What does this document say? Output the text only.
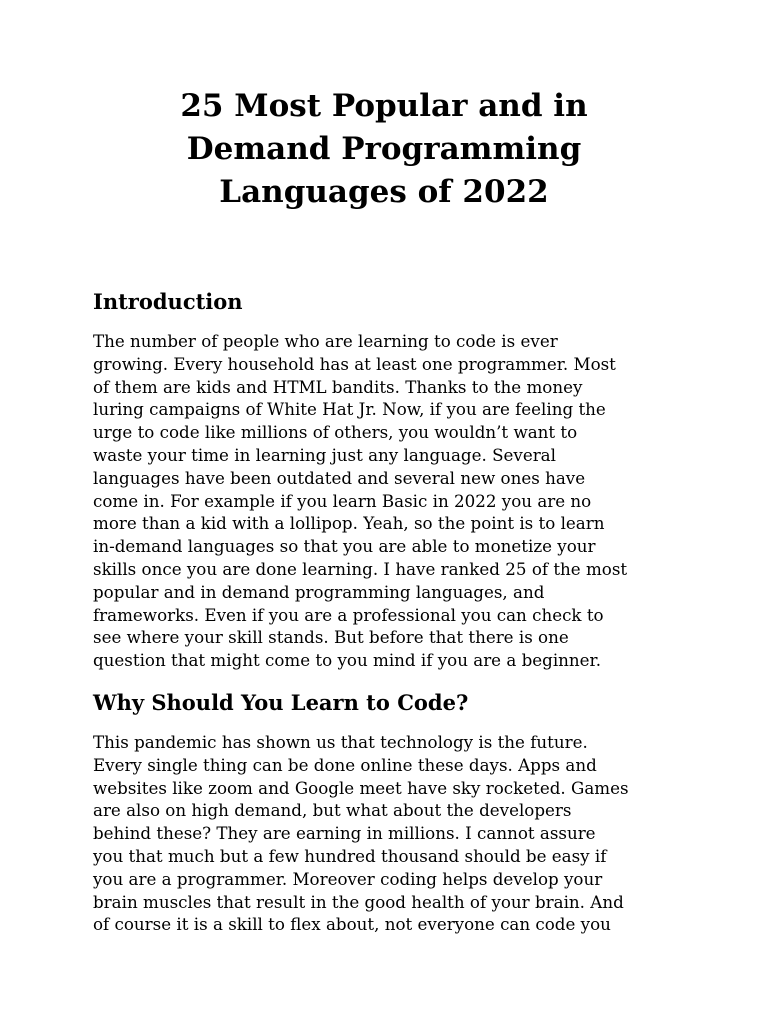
25 Most Popular and in
Demand Programming
Languages of 2022
Introduction

The number of people who are learning to code is ever
growing. Every household has at least one programmer. Most
of them are kids and HTML bandits. Thanks to the money
luring campaigns of White Hat Jr. Now, if you are feeling the
urge to code like millions of others, you wouldn’t want to
waste your time in learning just any language. Several
languages have been outdated and several new ones have
come in. For example if you learn Basic in 2022 you are no
more than a kid with a lollipop. Yeah, so the point is to learn
in-demand languages so that you are able to monetize your
skills once you are done learning. I have ranked 25 of the most
popular and in demand programming languages, and
frameworks. Even if you are a professional you can check to
see where your skill stands. But before that there is one
question that might come to you mind if you are a beginner.

Why Should You Learn to Code?

This pandemic has shown us that technology is the future.
Every single thing can be done online these days. Apps and
websites like zoom and Google meet have sky rocketed. Games
are also on high demand, but what about the developers
behind these? They are earning in millions. I cannot assure
you that much but a few hundred thousand should be easy if
you are a programmer. Moreover coding helps develop your
brain muscles that result in the good health of your brain. And
of course it is a skill to flex about, not everyone can code you
